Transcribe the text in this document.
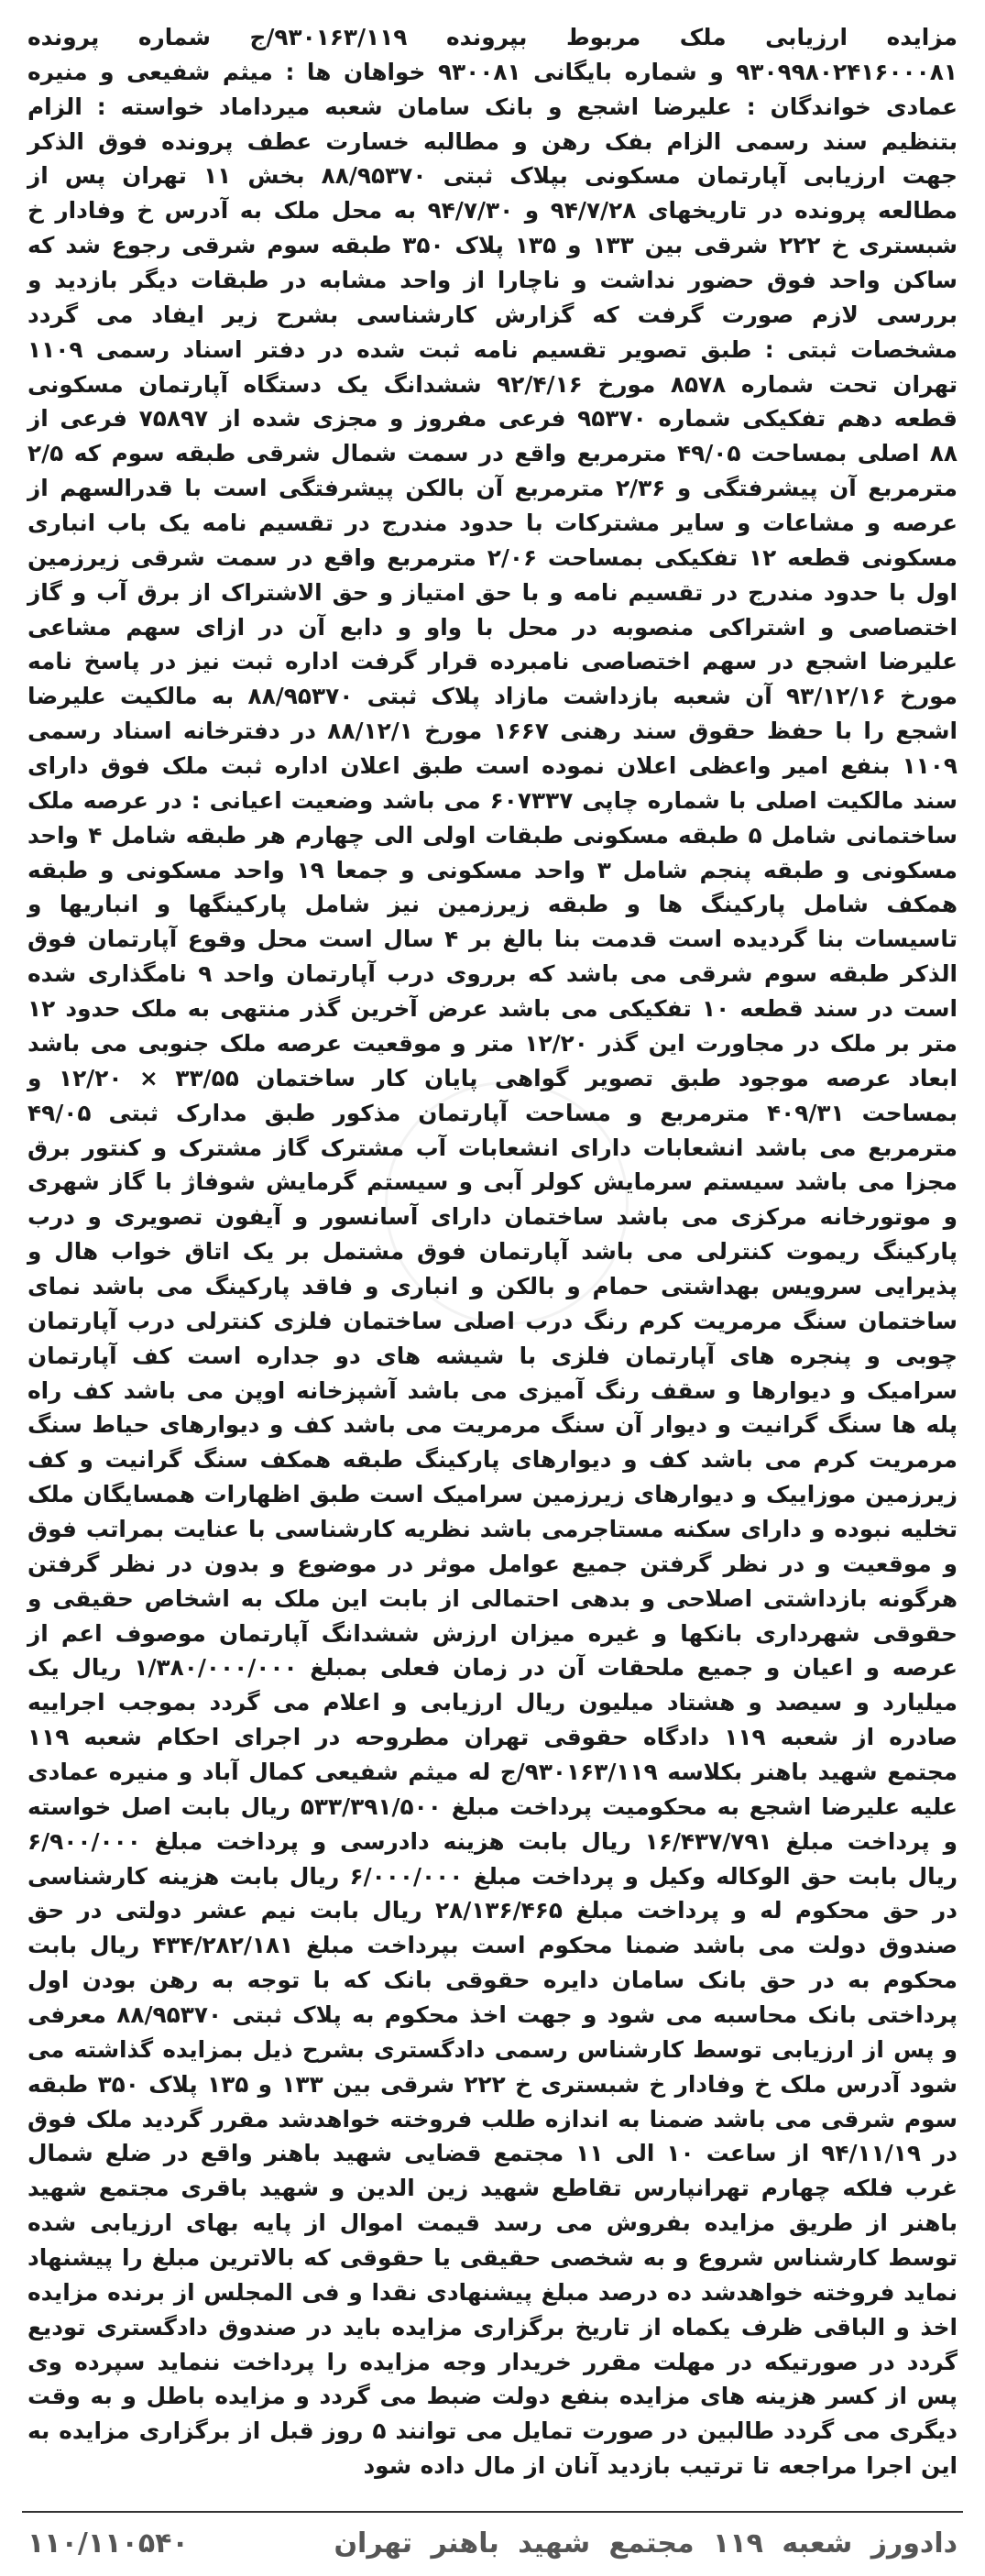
مزایده ارزیابی ملک مربوط بپرونده ۹۳۰۱۶۳/۱۱۹/ج شماره پرونده ۹۳۰۹۹۸۰۲۴۱۶۰۰۰۸۱ و شماره بایگانی ۹۳۰۰۸۱ خواهان ها : میثم شفیعی و منیره عمادی خواندگان : علیرضا اشجع و بانک سامان شعبه میرداماد خواسته : الزام بتنظیم سند رسمی الزام بفک رهن و مطالبه خسارت عطف پرونده فوق الذکر جهت ارزیابی آپارتمان مسکونی بپلاک ثبتی ۸۸/۹۵۳۷۰ بخش ۱۱ تهران پس از مطالعه پرونده در تاریخهای ۹۴/۷/۲۸ و ۹۴/۷/۳۰ به محل ملک به آدرس خ وفادار خ شبستری خ ۲۲۲ شرقی بین ۱۳۳ و ۱۳۵ پلاک ۳۵۰ طبقه سوم شرقی رجوع شد که ساکن واحد فوق حضور نداشت و ناچارا از واحد مشابه در طبقات دیگر بازدید و بررسی لازم صورت گرفت که گزارش کارشناسی بشرح زیر ایفاد می گردد مشخصات ثبتی : طبق تصویر تقسیم نامه ثبت شده در دفتر اسناد رسمی ۱۱۰۹ تهران تحت شماره ۸۵۷۸ مورخ ۹۲/۴/۱۶ ششدانگ یک دستگاه آپارتمان مسکونی قطعه دهم تفکیکی شماره ۹۵۳۷۰ فرعی مفروز و مجزی شده از ۷۵۸۹۷ فرعی از ۸۸ اصلی بمساحت ۴۹/۰۵ مترمربع واقع در سمت شمال شرقی طبقه سوم که ۲/۵ مترمربع آن پیشرفتگی و ۲/۳۶ مترمربع آن بالکن پیشرفتگی است با قدرالسهم از عرصه و مشاعات و سایر مشترکات با حدود مندرج در تقسیم نامه یک باب انباری مسکونی قطعه ۱۲ تفکیکی بمساحت ۲/۰۶ مترمربع واقع در سمت شرقی زیرزمین اول با حدود مندرج در تقسیم نامه و با حق امتیاز و حق الاشتراک از برق آب و گاز اختصاصی و اشتراکی منصوبه در محل با واو و دابع آن در ازای سهم مشاعی علیرضا اشجع در سهم اختصاصی نامبرده قرار گرفت اداره ثبت نیز در پاسخ نامه مورخ ۹۳/۱۲/۱۶ آن شعبه بازداشت مازاد پلاک ثبتی ۸۸/۹۵۳۷۰ به مالکیت علیرضا اشجع را با حفظ حقوق سند رهنی ۱۶۶۷ مورخ ۸۸/۱۲/۱ در دفترخانه اسناد رسمی ۱۱۰۹ بنفع امیر واعظی اعلان نموده است طبق اعلان اداره ثبت ملک فوق دارای سند مالکیت اصلی با شماره چاپی ۶۰۷۳۳۷ می باشد وضعیت اعیانی : در عرصه ملک ساختمانی شامل ۵ طبقه مسکونی طبقات اولی الی چهارم هر طبقه شامل ۴ واحد مسکونی و طبقه پنجم شامل ۳ واحد مسکونی و جمعا ۱۹ واحد مسکونی و طبقه همکف شامل پارکینگ ها و طبقه زیرزمین نیز شامل پارکینگها و انباریها و تاسیسات بنا گردیده است قدمت بنا بالغ بر ۴ سال است محل وقوع آپارتمان فوق الذکر طبقه سوم شرقی می باشد که برروی درب آپارتمان واحد ۹ نامگذاری شده است در سند قطعه ۱۰ تفکیکی می باشد عرض آخرین گذر منتهی به ملک حدود ۱۲ متر بر ملک در مجاورت این گذر ۱۲/۲۰ متر و موقعیت عرصه ملک جنوبی می باشد ابعاد عرصه موجود طبق تصویر گواهی پایان کار ساختمان ۳۳/۵۵ × ۱۲/۲۰ و بمساحت ۴۰۹/۳۱ مترمربع و مساحت آپارتمان مذکور طبق مدارک ثبتی ۴۹/۰۵ مترمربع می باشد انشعابات دارای انشعابات آب مشترک گاز مشترک و کنتور برق مجزا می باشد سیستم سرمایش کولر آبی و سیستم گرمایش شوفاژ با گاز شهری و موتورخانه مرکزی می باشد ساختمان دارای آسانسور و آیفون تصویری و درب پارکینگ ریموت کنترلی می باشد آپارتمان فوق مشتمل بر یک اتاق خواب هال و پذیرایی سرویس بهداشتی حمام و بالکن و انباری و فاقد پارکینگ می باشد نمای ساختمان سنگ مرمریت کرم رنگ درب اصلی ساختمان فلزی کنترلی درب آپارتمان چوبی و پنجره های آپارتمان فلزی با شیشه های دو جداره است کف آپارتمان سرامیک و دیوارها و سقف رنگ آمیزی می باشد آشپزخانه اوپن می باشد کف راه پله ها سنگ گرانیت و دیوار آن سنگ مرمریت می باشد کف و دیوارهای حیاط سنگ مرمریت کرم می باشد کف و دیوارهای پارکینگ طبقه همکف سنگ گرانیت و کف زیرزمین موزاییک و دیوارهای زیرزمین سرامیک است طبق اظهارات همسایگان ملک تخلیه نبوده و دارای سکنه مستاجرمی باشد نظریه کارشناسی با عنایت بمراتب فوق و موقعیت و در نظر گرفتن جمیع عوامل موثر در موضوع و بدون در نظر گرفتن هرگونه بازداشتی اصلاحی و بدهی احتمالی از بابت این ملک به اشخاص حقیقی و حقوقی شهرداری بانکها و غیره میزان ارزش ششدانگ آپارتمان موصوف اعم از عرصه و اعیان و جمیع ملحقات آن در زمان فعلی بمبلغ ۱/۳۸۰/۰۰۰/۰۰۰ ریال یک میلیارد و سیصد و هشتاد میلیون ریال ارزیابی و اعلام می گردد بموجب اجراییه صادره از شعبه ۱۱۹ دادگاه حقوقی تهران مطروحه در اجرای احکام شعبه ۱۱۹ مجتمع شهید باهنر بکلاسه ۹۳۰۱۶۳/۱۱۹/ج له میثم شفیعی کمال آباد و منیره عمادی علیه علیرضا اشجع به محکومیت پرداخت مبلغ ۵۳۳/۳۹۱/۵۰۰ ریال بابت اصل خواسته و پرداخت مبلغ ۱۶/۴۳۷/۷۹۱ ریال بابت هزینه دادرسی و پرداخت مبلغ ۶/۹۰۰/۰۰۰ ریال بابت حق الوکاله وکیل و پرداخت مبلغ ۶/۰۰۰/۰۰۰ ریال بابت هزینه کارشناسی در حق محکوم له و پرداخت مبلغ ۲۸/۱۳۶/۴۶۵ ریال بابت نیم عشر دولتی در حق صندوق دولت می باشد ضمنا محکوم است بپرداخت مبلغ ۴۳۴/۲۸۲/۱۸۱ ریال بابت محکوم به در حق بانک سامان دایره حقوقی بانک که با توجه به رهن بودن اول پرداختی بانک محاسبه می شود و جهت اخذ محکوم به پلاک ثبتی ۸۸/۹۵۳۷۰ معرفی و پس از ارزیابی توسط کارشناس رسمی دادگستری بشرح ذیل بمزایده گذاشته می شود آدرس ملک خ وفادار خ شبستری خ ۲۲۲ شرقی بین ۱۳۳ و ۱۳۵ پلاک ۳۵۰ طبقه سوم شرقی می باشد ضمنا به اندازه طلب فروخته خواهدشد مقرر گردید ملک فوق در ۹۴/۱۱/۱۹ از ساعت ۱۰ الی ۱۱ مجتمع قضایی شهید باهنر واقع در ضلع شمال غرب فلکه چهارم تهرانپارس تقاطع شهید زین الدین و شهید باقری مجتمع شهید باهنر از طریق مزایده بفروش می رسد قیمت اموال از پایه بهای ارزیابی شده توسط کارشناس شروع و به شخصی حقیقی یا حقوقی که بالاترین مبلغ را پیشنهاد نماید فروخته خواهدشد ده درصد مبلغ پیشنهادی نقدا و فی المجلس از برنده مزایده اخذ و الباقی ظرف یکماه از تاریخ برگزاری مزایده باید در صندوق دادگستری تودیع گردد در صورتیکه در مهلت مقرر خریدار وجه مزایده را پرداخت ننماید سپرده وی پس از کسر هزینه های مزایده بنفع دولت ضبط می گردد و مزایده باطل و به وقت دیگری می گردد طالبین در صورت تمایل می توانند ۵ روز قبل از برگزاری مزایده به این اجرا مراجعه تا ترتیب بازدید آنان از مال داده شود

دادورز شعبه ۱۱۹ مجتمع شهید باهنر تهران
۱۱۰/۱۱۰۵۴۰
